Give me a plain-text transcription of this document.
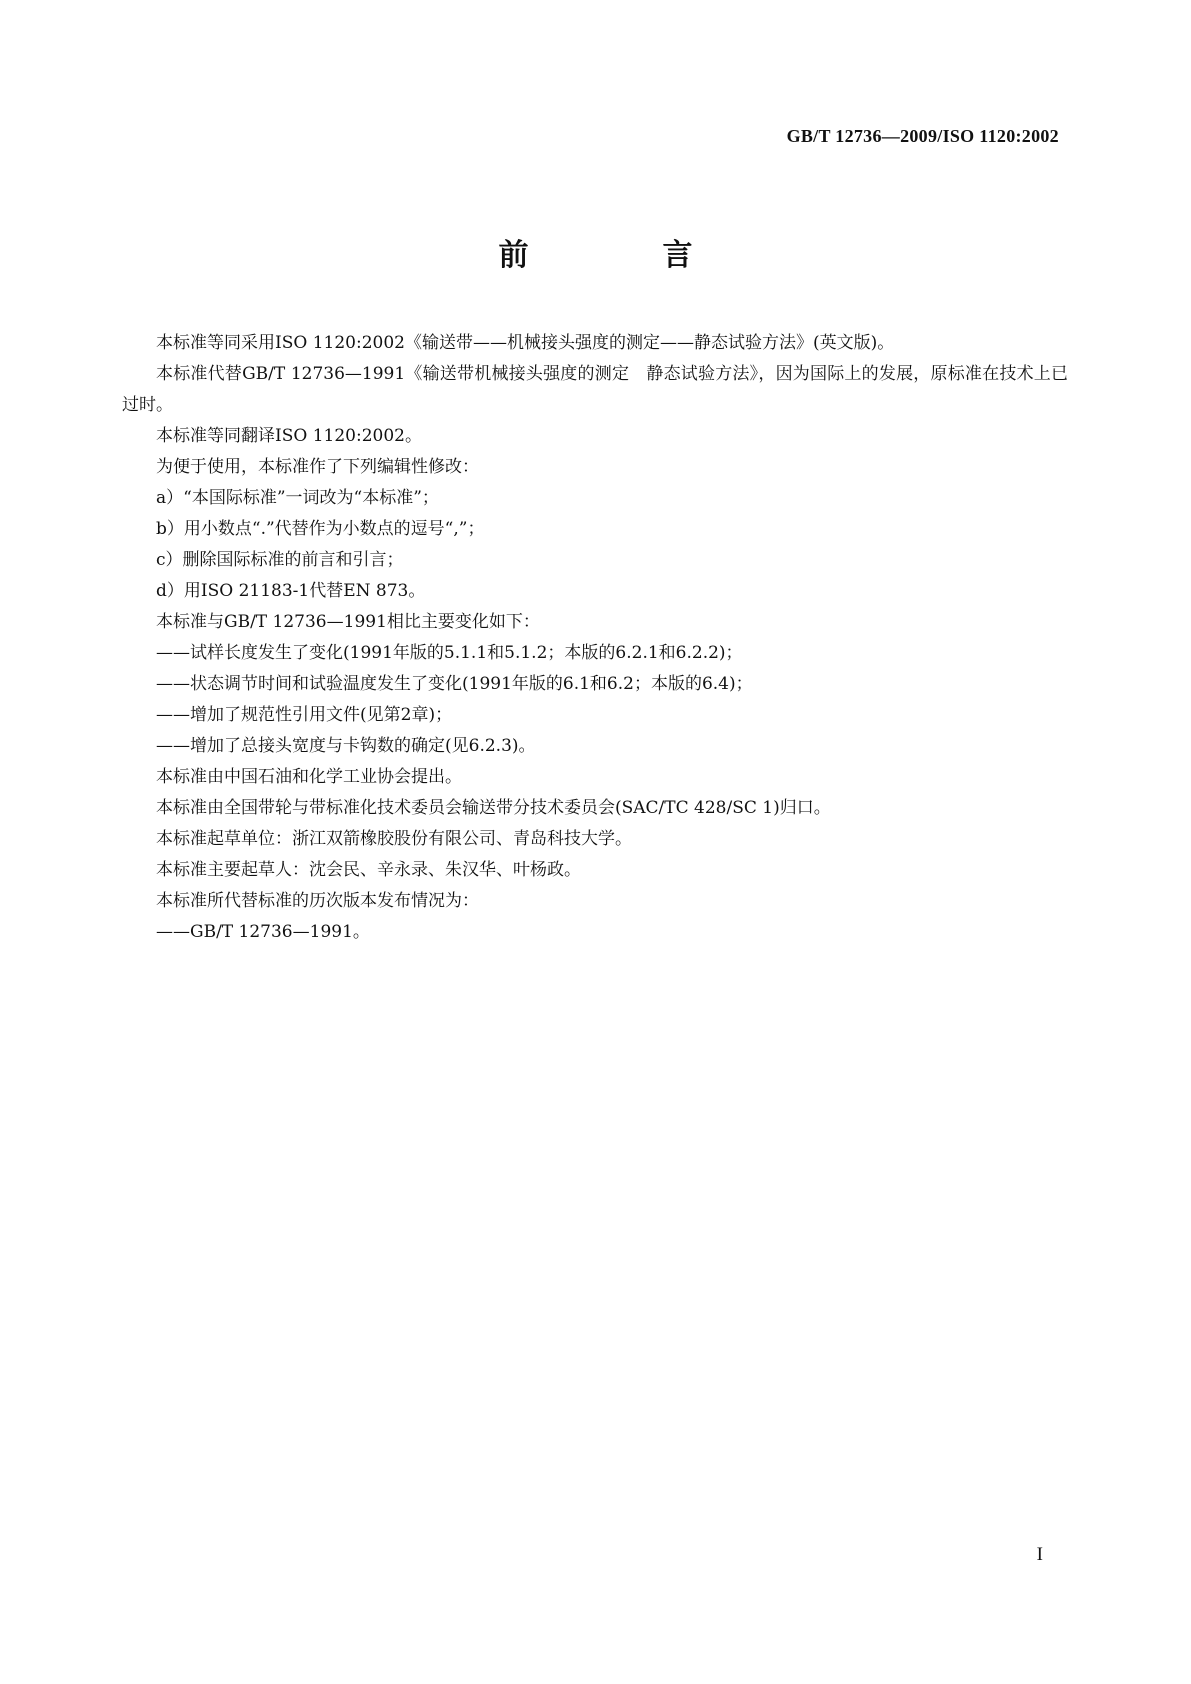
GB/T 12736—2009/ISO 1120:2002
前　言

本标准等同采用ISO 1120:2002《输送带——机械接头强度的测定——静态试验方法》(英文版)。

本标准代替GB/T 12736—1991《输送带机械接头强度的测定　静态试验方法》，因为国际上的发展，原标准在技术上已过时。

本标准等同翻译ISO 1120:2002。

为便于使用，本标准作了下列编辑性修改：

a）“本国际标准”一词改为“本标准”；

b）用小数点“.”代替作为小数点的逗号“,”；

c）删除国际标准的前言和引言；

d）用ISO 21183-1代替EN 873。

本标准与GB/T 12736—1991相比主要变化如下：

——试样长度发生了变化(1991年版的5.1.1和5.1.2；本版的6.2.1和6.2.2)；

——状态调节时间和试验温度发生了变化(1991年版的6.1和6.2；本版的6.4)；

——增加了规范性引用文件(见第2章)；

——增加了总接头宽度与卡钩数的确定(见6.2.3)。

本标准由中国石油和化学工业协会提出。

本标准由全国带轮与带标准化技术委员会输送带分技术委员会(SAC/TC 428/SC 1)归口。

本标准起草单位：浙江双箭橡胶股份有限公司、青岛科技大学。

本标准主要起草人：沈会民、辛永录、朱汉华、叶杨政。

本标准所代替标准的历次版本发布情况为：

——GB/T 12736—1991。

I
